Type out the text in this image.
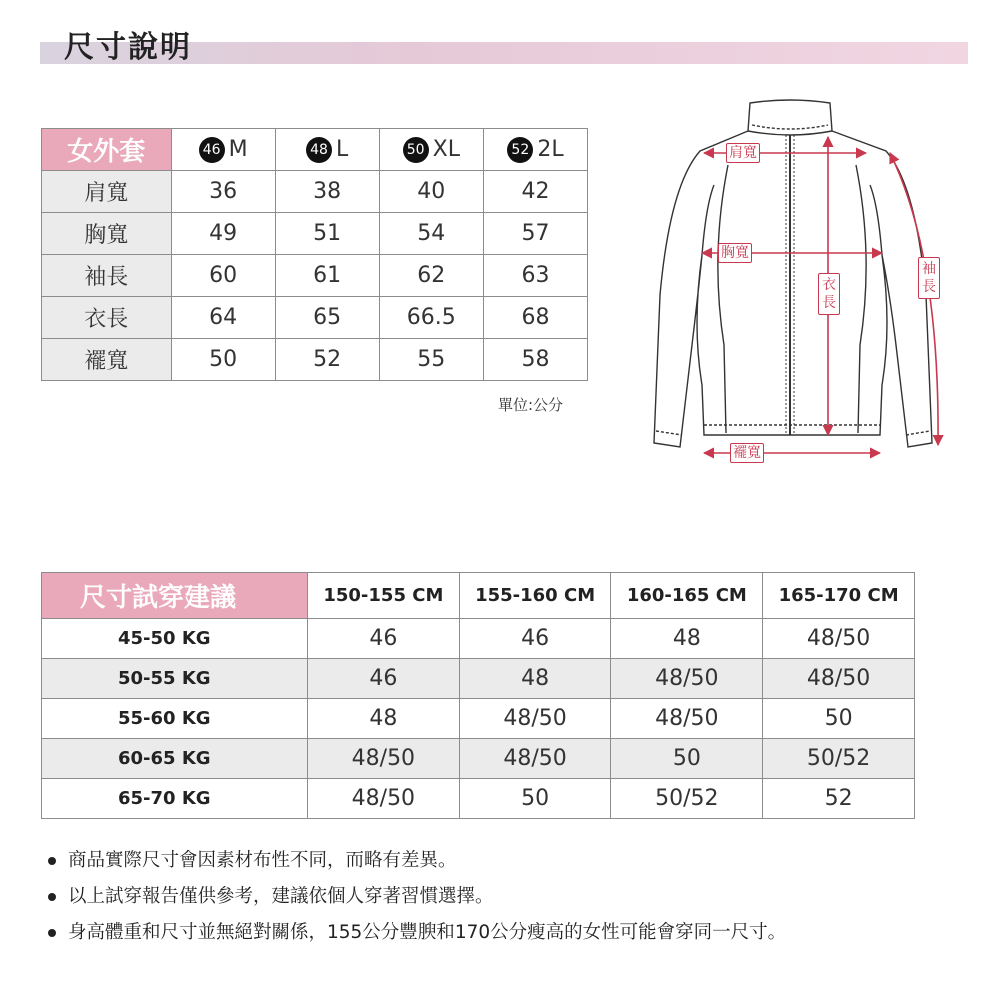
尺寸說明
女外套	46 M	48 L	50 XL	52 2L
肩寬	36	38	40	42
胸寬	49	51	54	57
袖長	60	61	62	63
衣長	64	65	66.5	68
襬寬	50	52	55	58
單位:公分
肩寬
胸寬
衣
長
袖
長
襬寬
尺寸試穿建議	150-155 CM	155-160 CM	160-165 CM	165-170 CM
45-50 KG	46	46	48	48/50
50-55 KG	46	48	48/50	48/50
55-60 KG	48	48/50	48/50	50
60-65 KG	48/50	48/50	50	50/52
65-70 KG	48/50	50	50/52	52
商品實際尺寸會因素材布性不同，而略有差異。
以上試穿報告僅供參考，建議依個人穿著習慣選擇。
身高體重和尺寸並無絕對關係，155公分豐腴和170公分瘦高的女性可能會穿同一尺寸。
